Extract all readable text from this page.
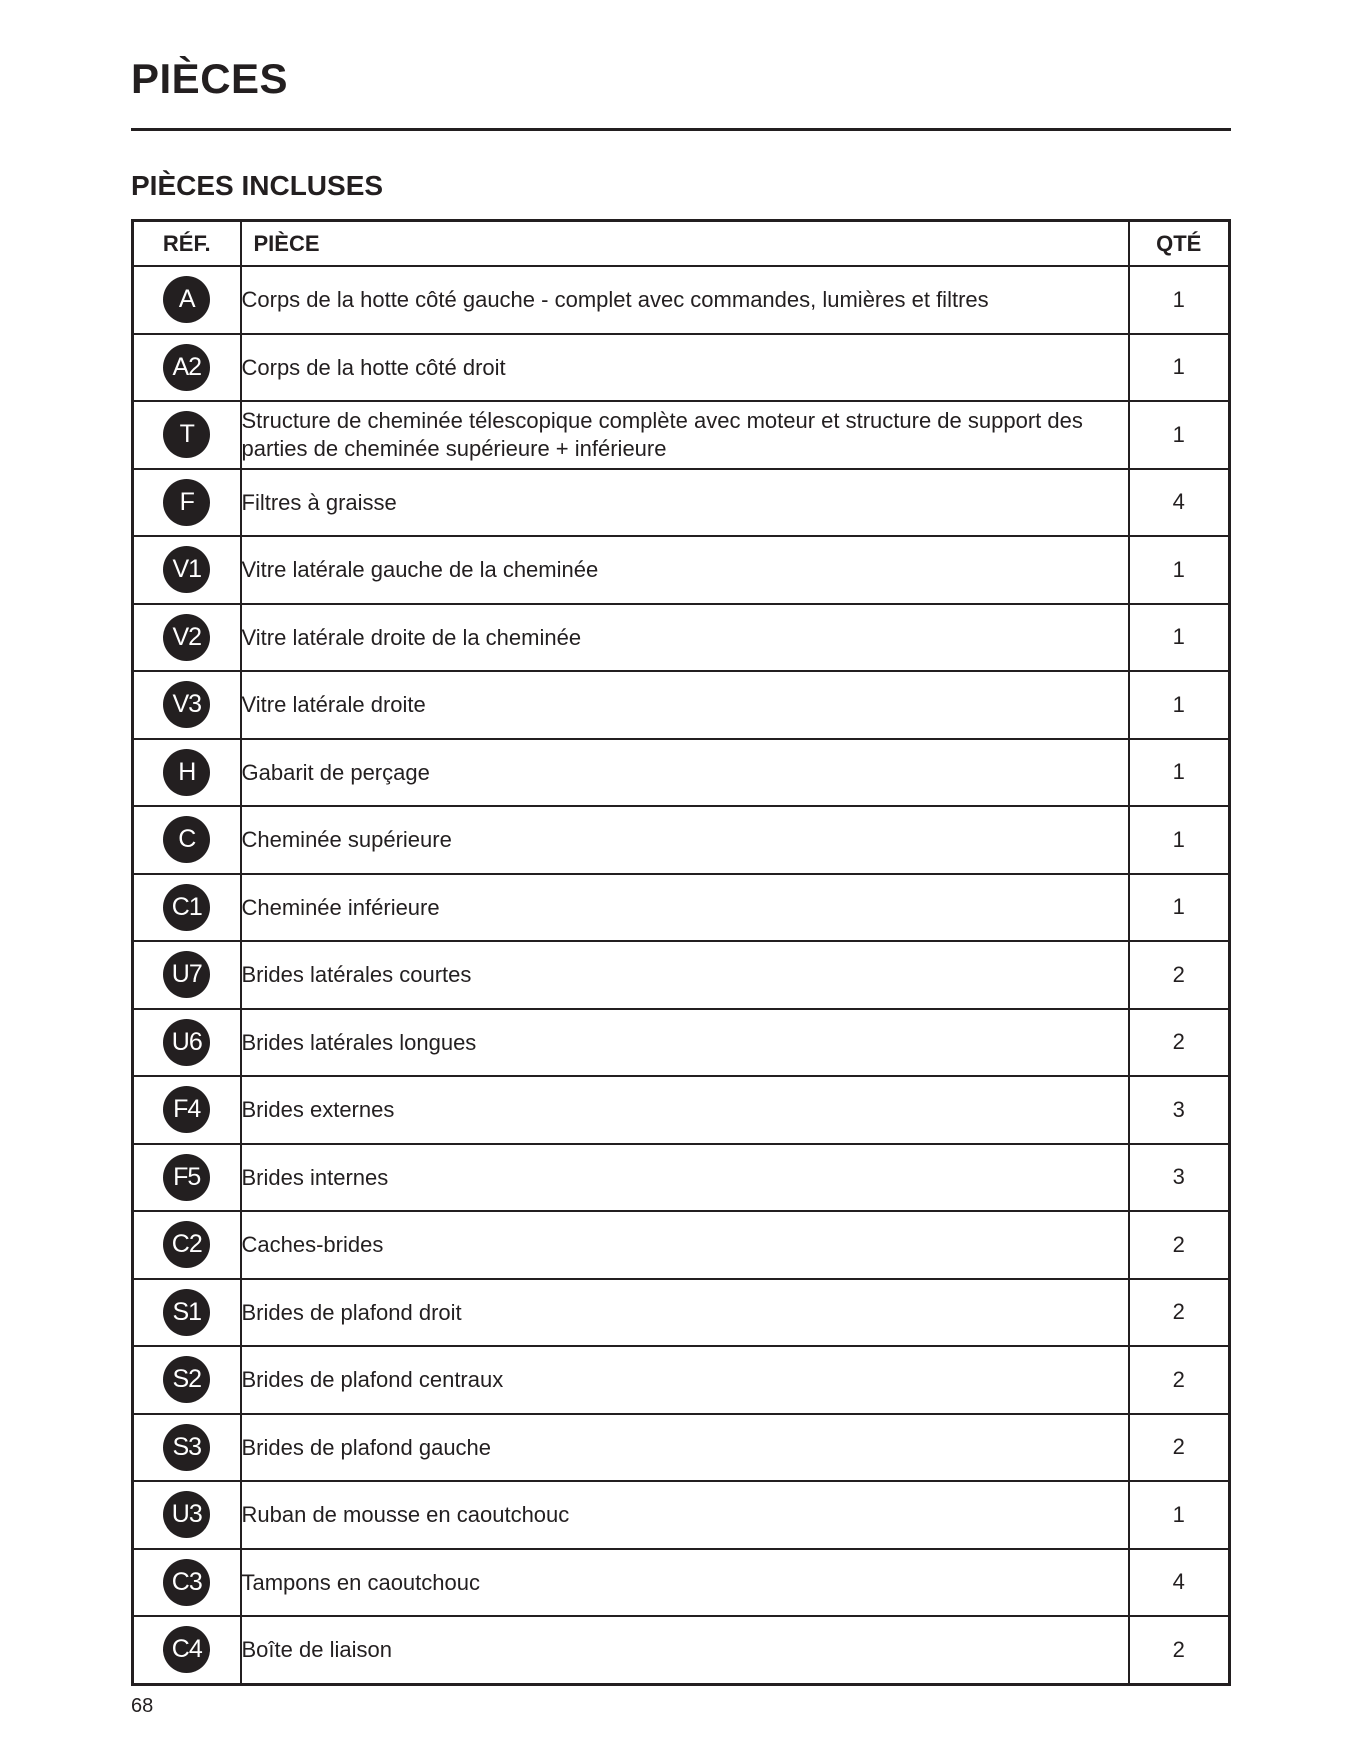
PIÈCES
PIÈCES INCLUSES
RÉF.	PIÈCE	QTÉ
A	Corps de la hotte côté gauche - complet avec commandes, lumières et filtres	1
A2	Corps de la hotte côté droit	1
T	Structure de cheminée télescopique complète avec moteur et structure de support des parties de cheminée supérieure + inférieure	1
F	Filtres à graisse	4
V1	Vitre latérale gauche de la cheminée	1
V2	Vitre latérale droite de la cheminée	1
V3	Vitre latérale droite	1
H	Gabarit de perçage	1
C	Cheminée supérieure	1
C1	Cheminée inférieure	1
U7	Brides latérales courtes	2
U6	Brides latérales longues	2
F4	Brides externes	3
F5	Brides internes	3
C2	Caches-brides	2
S1	Brides de plafond droit	2
S2	Brides de plafond centraux	2
S3	Brides de plafond gauche	2
U3	Ruban de mousse en caoutchouc	1
C3	Tampons en caoutchouc	4
C4	Boîte de liaison	2
68
